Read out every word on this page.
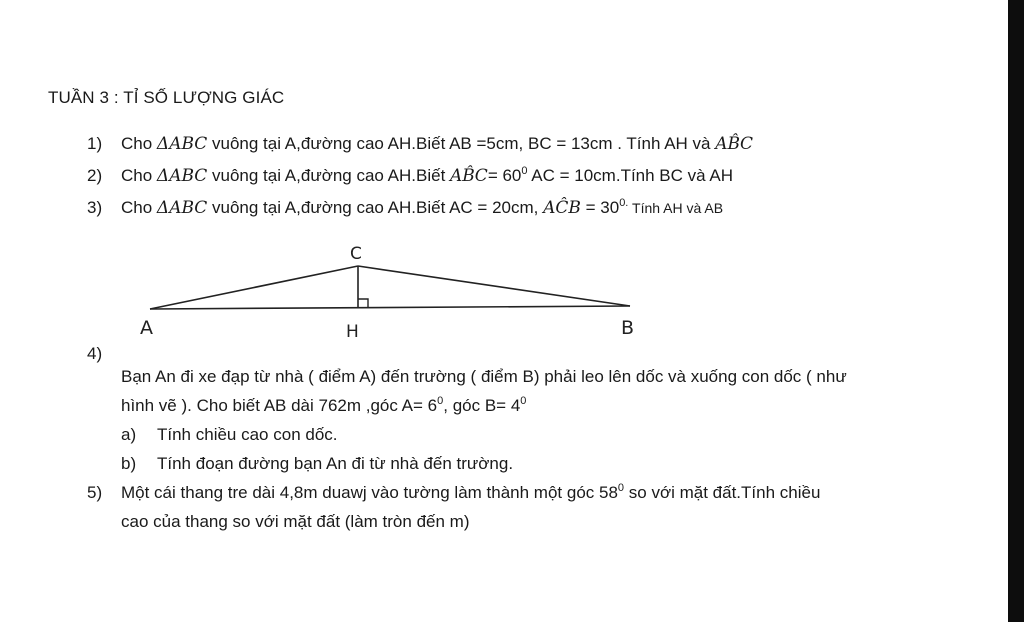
TUẦN 3 : TỈ SỐ LƯỢNG GIÁC
1) Cho ΔABC vuông tại A,đường cao AH.Biết AB =5cm, BC = 13cm . Tính AH và AB̂C
2) Cho ΔABC vuông tại A,đường cao AH.Biết AB̂C= $60^0$ AC = 10cm.Tính BC và AH
3) Cho ΔABC vuông tại A,đường cao AH.Biết AC = 20cm, AĈB = $30^{0.}$ Tính AH và AB
A	B
C
H
4)
Bạn An đi xe đạp từ nhà ( điểm A) đến trường ( điểm B) phải leo lên dốc và xuống con dốc ( như
hình vẽ ). Cho biết AB dài 762m ,góc $A= 6^0$, góc $B= 4^0$
a) Tính chiều cao con dốc.
b) Tính đoạn đường bạn An đi từ nhà đến trường.
5) Một cái thang tre dài 4,8m duawj vào tường làm thành một góc $58^0$ so với mặt đất.Tính chiều
cao của thang so với mặt đất (làm tròn đến m)
